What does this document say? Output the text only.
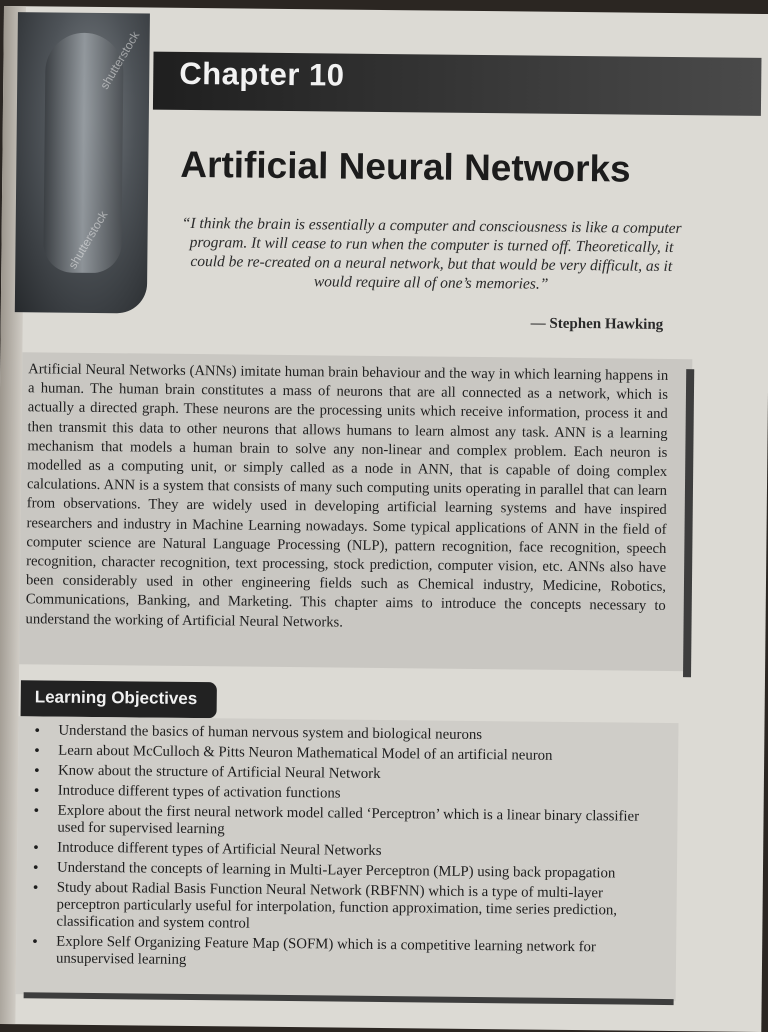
shutterstock
shutterstock
Chapter 10
Artificial Neural Networks
“I think the brain is essentially a computer and consciousness is like a computer program. It will cease to run when the computer is turned off. Theoretically, it could be re-created on a neural network, but that would be very difficult, as it would require all of one’s memories.”
— Stephen Hawking
Artificial Neural Networks (ANNs) imitate human brain behaviour and the way in which learning happens in a human. The human brain constitutes a mass of neurons that are all connected as a network, which is actually a directed graph. These neurons are the processing units which receive information, process it and then transmit this data to other neurons that allows humans to learn almost any task. ANN is a learning mechanism that models a human brain to solve any non-linear and complex problem. Each neuron is modelled as a computing unit, or simply called as a node in ANN, that is capable of doing complex calculations. ANN is a system that consists of many such computing units operating in parallel that can learn from observations. They are widely used in developing artificial learning systems and have inspired researchers and industry in Machine Learning nowadays. Some typical applications of ANN in the field of computer science are Natural Language Processing (NLP), pattern recognition, face recognition, speech recognition, character recognition, text processing, stock prediction, computer vision, etc. ANNs also have been considerably used in other engineering fields such as Chemical industry, Medicine, Robotics, Communications, Banking, and Marketing. This chapter aims to introduce the concepts necessary to understand the working of Artificial Neural Networks.
Learning Objectives
• Understand the basics of human nervous system and biological neurons
• Learn about McCulloch & Pitts Neuron Mathematical Model of an artificial neuron
• Know about the structure of Artificial Neural Network
• Introduce different types of activation functions
• Explore about the first neural network model called ‘Perceptron’ which is a linear binary classifier used for supervised learning
• Introduce different types of Artificial Neural Networks
• Understand the concepts of learning in Multi-Layer Perceptron (MLP) using back propagation
• Study about Radial Basis Function Neural Network (RBFNN) which is a type of multi-layer perceptron particularly useful for interpolation, function approximation, time series prediction, classification and system control
• Explore Self Organizing Feature Map (SOFM) which is a competitive learning network for unsupervised learning
